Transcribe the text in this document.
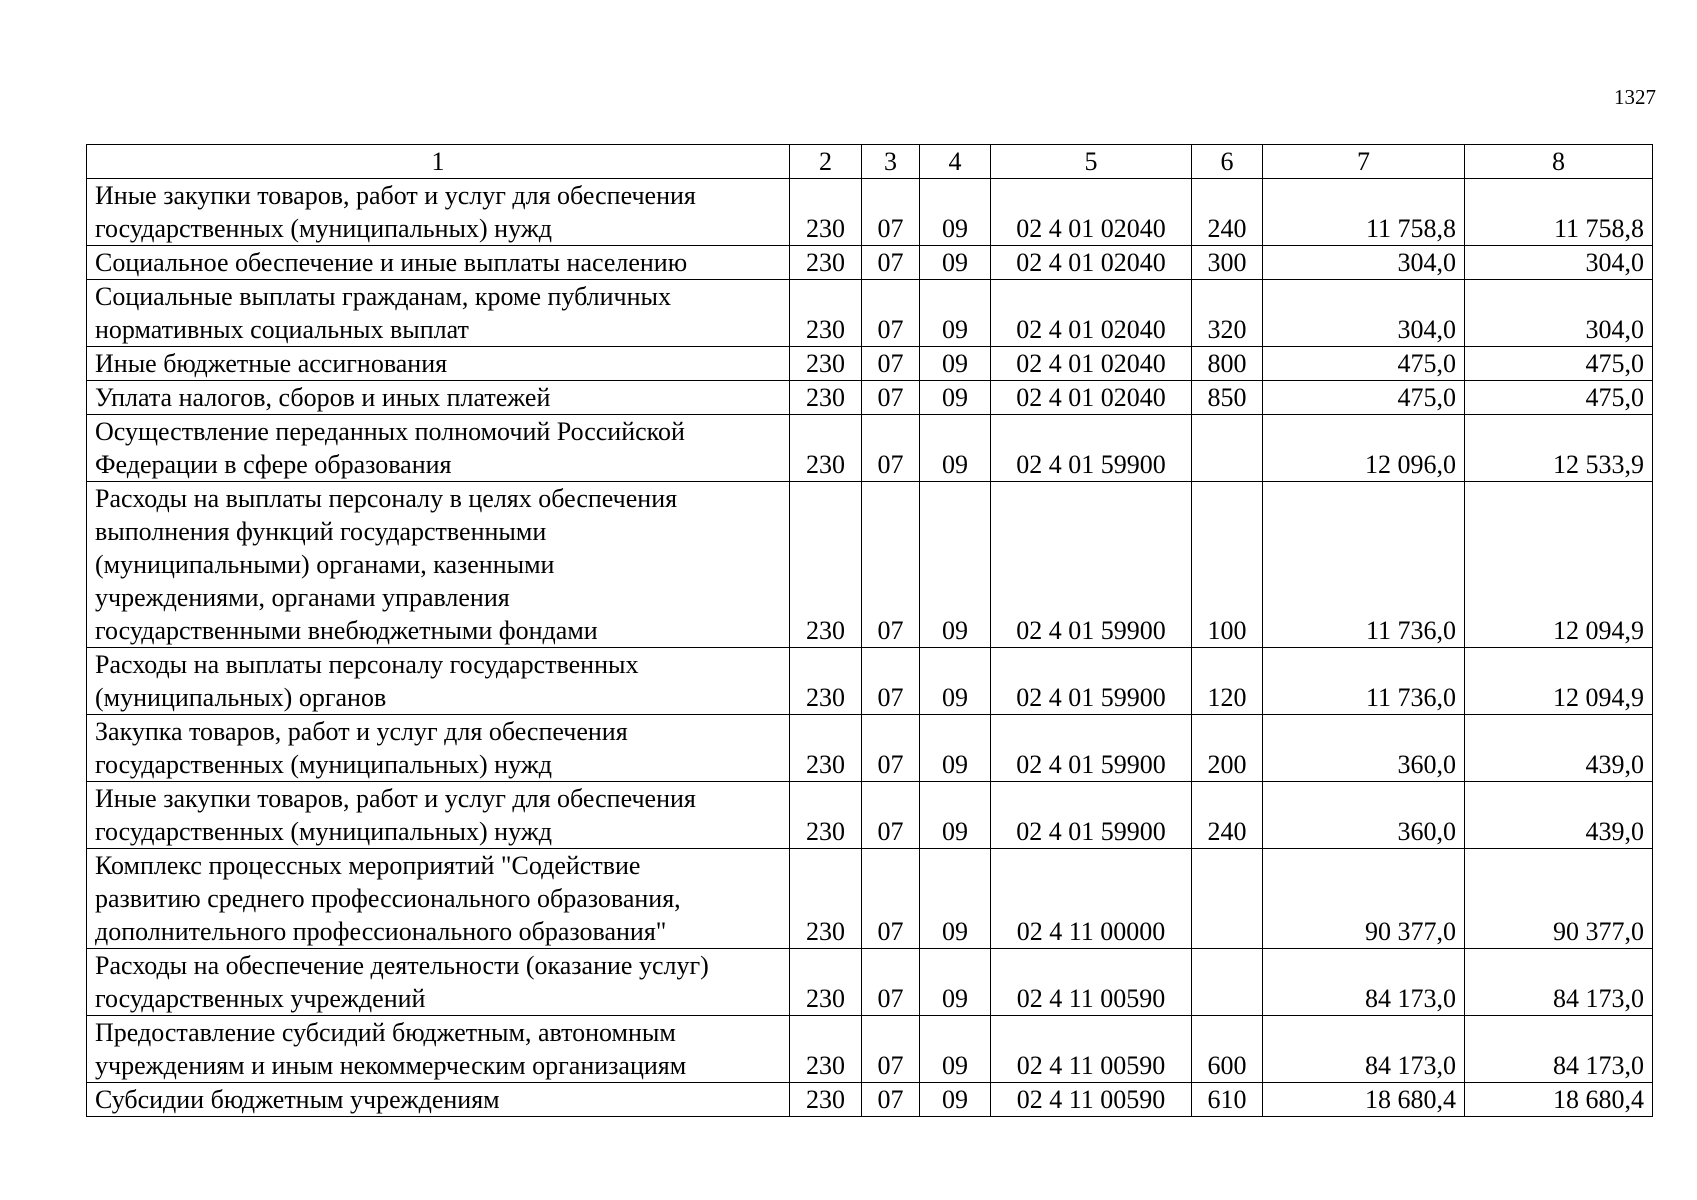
1327
1	2	3	4	5	6	7	8

Иные закупки товаров, работ и услуг для обеспечения
государственных (муниципальных) нужд	230	07	09	02 4 01 02040	240	11 758,8	11 758,8

Социальное обеспечение и иные выплаты населению	230	07	09	02 4 01 02040	300	304,0	304,0

Социальные выплаты гражданам, кроме публичных
нормативных социальных выплат	230	07	09	02 4 01 02040	320	304,0	304,0

Иные бюджетные ассигнования	230	07	09	02 4 01 02040	800	475,0	475,0

Уплата налогов, сборов и иных платежей	230	07	09	02 4 01 02040	850	475,0	475,0

Осуществление переданных полномочий Российской
Федерации в сфере образования	230	07	09	02 4 01 59900		12 096,0	12 533,9

Расходы на выплаты персоналу в целях обеспечения
выполнения функций государственными
(муниципальными) органами, казенными
учреждениями, органами управления
государственными внебюджетными фондами	230	07	09	02 4 01 59900	100	11 736,0	12 094,9

Расходы на выплаты персоналу государственных
(муниципальных) органов	230	07	09	02 4 01 59900	120	11 736,0	12 094,9

Закупка товаров, работ и услуг для обеспечения
государственных (муниципальных) нужд	230	07	09	02 4 01 59900	200	360,0	439,0

Иные закупки товаров, работ и услуг для обеспечения
государственных (муниципальных) нужд	230	07	09	02 4 01 59900	240	360,0	439,0

Комплекс процессных мероприятий "Содействие
развитию среднего профессионального образования,
дополнительного профессионального образования"	230	07	09	02 4 11 00000		90 377,0	90 377,0

Расходы на обеспечение деятельности (оказание услуг)
государственных учреждений	230	07	09	02 4 11 00590		84 173,0	84 173,0

Предоставление субсидий бюджетным, автономным
учреждениям и иным некоммерческим организациям	230	07	09	02 4 11 00590	600	84 173,0	84 173,0

Субсидии бюджетным учреждениям	230	07	09	02 4 11 00590	610	18 680,4	18 680,4
